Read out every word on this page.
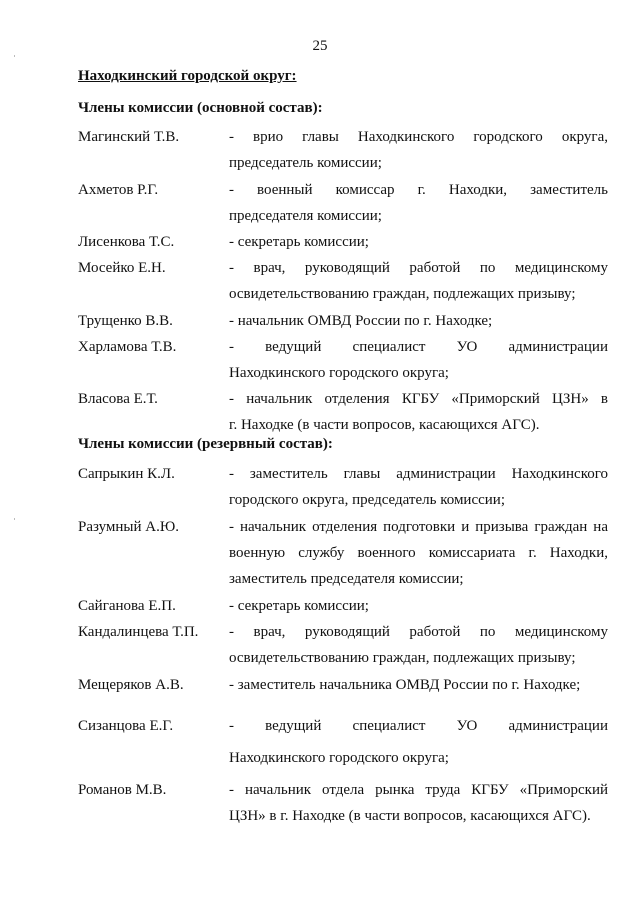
25
Находкинский городской округ:
Члены комиссии (основной состав):
Магинский Т.В.	- врио главы Находкинского городского округа,
председатель комиссии;
Ахметов Р.Г.	- военный комиссар г. Находки, заместитель
председателя комиссии;
Лисенкова Т.С.	- секретарь комиссии;
Мосейко Е.Н.	- врач, руководящий работой по медицинскому
освидетельствованию граждан, подлежащих призыву;
Трущенко В.В.	- начальник ОМВД России по г. Находке;
Харламова Т.В.	- ведущий специалист УО администрации
Находкинского городского округа;
Власова Е.Т.	- начальник отделения КГБУ «Приморский ЦЗН» в
г. Находке (в части вопросов, касающихся АГС).
Члены комиссии (резервный состав):
Сапрыкин К.Л.	- заместитель главы администрации Находкинского
городского округа, председатель комиссии;
Разумный А.Ю.	- начальник отделения подготовки и призыва граждан на
военную службу военного комиссариата г. Находки,
заместитель председателя комиссии;
Сайганова Е.П.	- секретарь комиссии;
Кандалинцева Т.П. - врач, руководящий работой по медицинскому
освидетельствованию граждан, подлежащих призыву;
Мещеряков А.В.	- заместитель начальника ОМВД России по г. Находке;
Сизанцова Е.Г.	- ведущий специалист УО администрации
Находкинского городского округа;
Романов М.В.	- начальник отдела рынка труда КГБУ «Приморский
ЦЗН» в г. Находке (в части вопросов, касающихся АГС).
